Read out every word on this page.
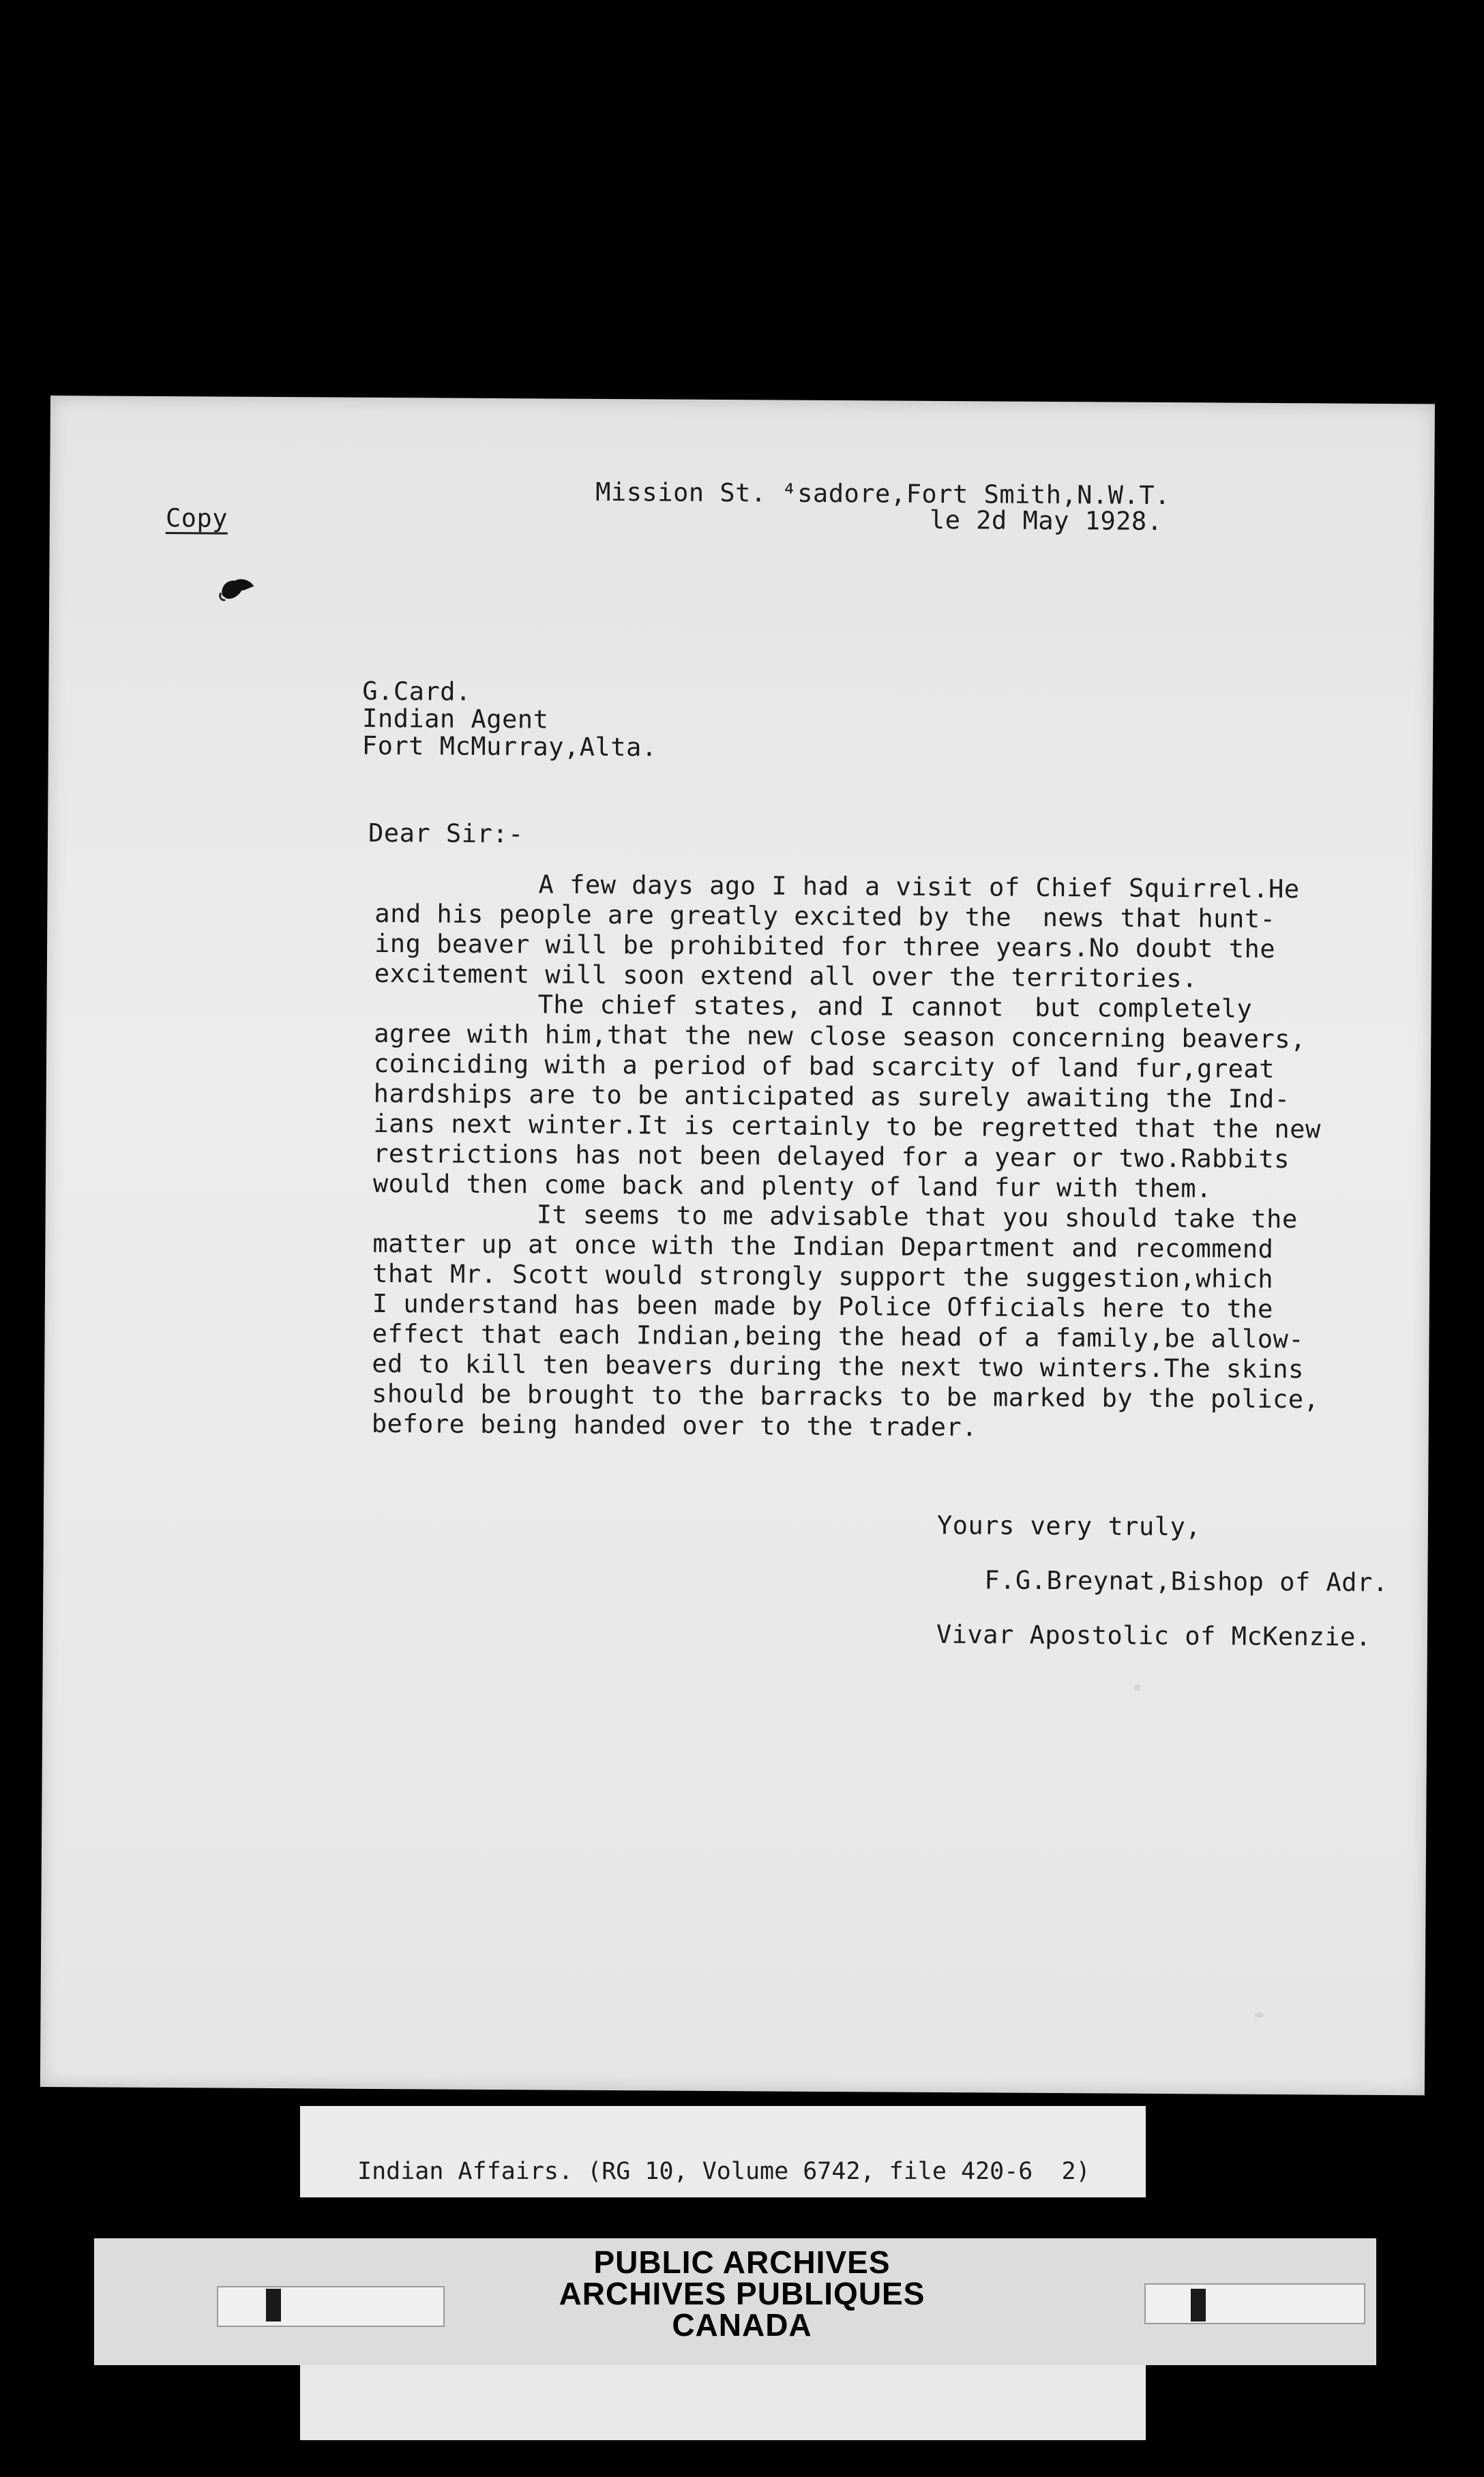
Copy
Mission St. ⁴sadore,Fort Smith,N.W.T.
le 2d May 1928.
G.Card.
Indian Agent
Fort McMurray,Alta.
Dear Sir:-
A few days ago I had a visit of Chief Squirrel.He
and his people are greatly excited by the  news that hunt-
ing beaver will be prohibited for three years.No doubt the
excitement will soon extend all over the territories.
The chief states, and I cannot  but completely
agree with him,that the new close season concerning beavers,
coinciding with a period of bad scarcity of land fur,great
hardships are to be anticipated as surely awaiting the Ind-
ians next winter.It is certainly to be regretted that the new
restrictions has not been delayed for a year or two.Rabbits
would then come back and plenty of land fur with them.
It seems to me advisable that you should take the
matter up at once with the Indian Department and recommend
that Mr. Scott would strongly support the suggestion,which
I understand has been made by Police Officials here to the
effect that each Indian,being the head of a family,be allow-
ed to kill ten beavers during the next two winters.The skins
should be brought to the barracks to be marked by the police,
before being handed over to the trader.
Yours very truly,
F.G.Breynat,Bishop of Adr.
Vivar Apostolic of McKenzie.
Indian Affairs. (RG 10, Volume 6742, file 420-6  2)
PUBLIC ARCHIVES
ARCHIVES PUBLIQUES
CANADA
